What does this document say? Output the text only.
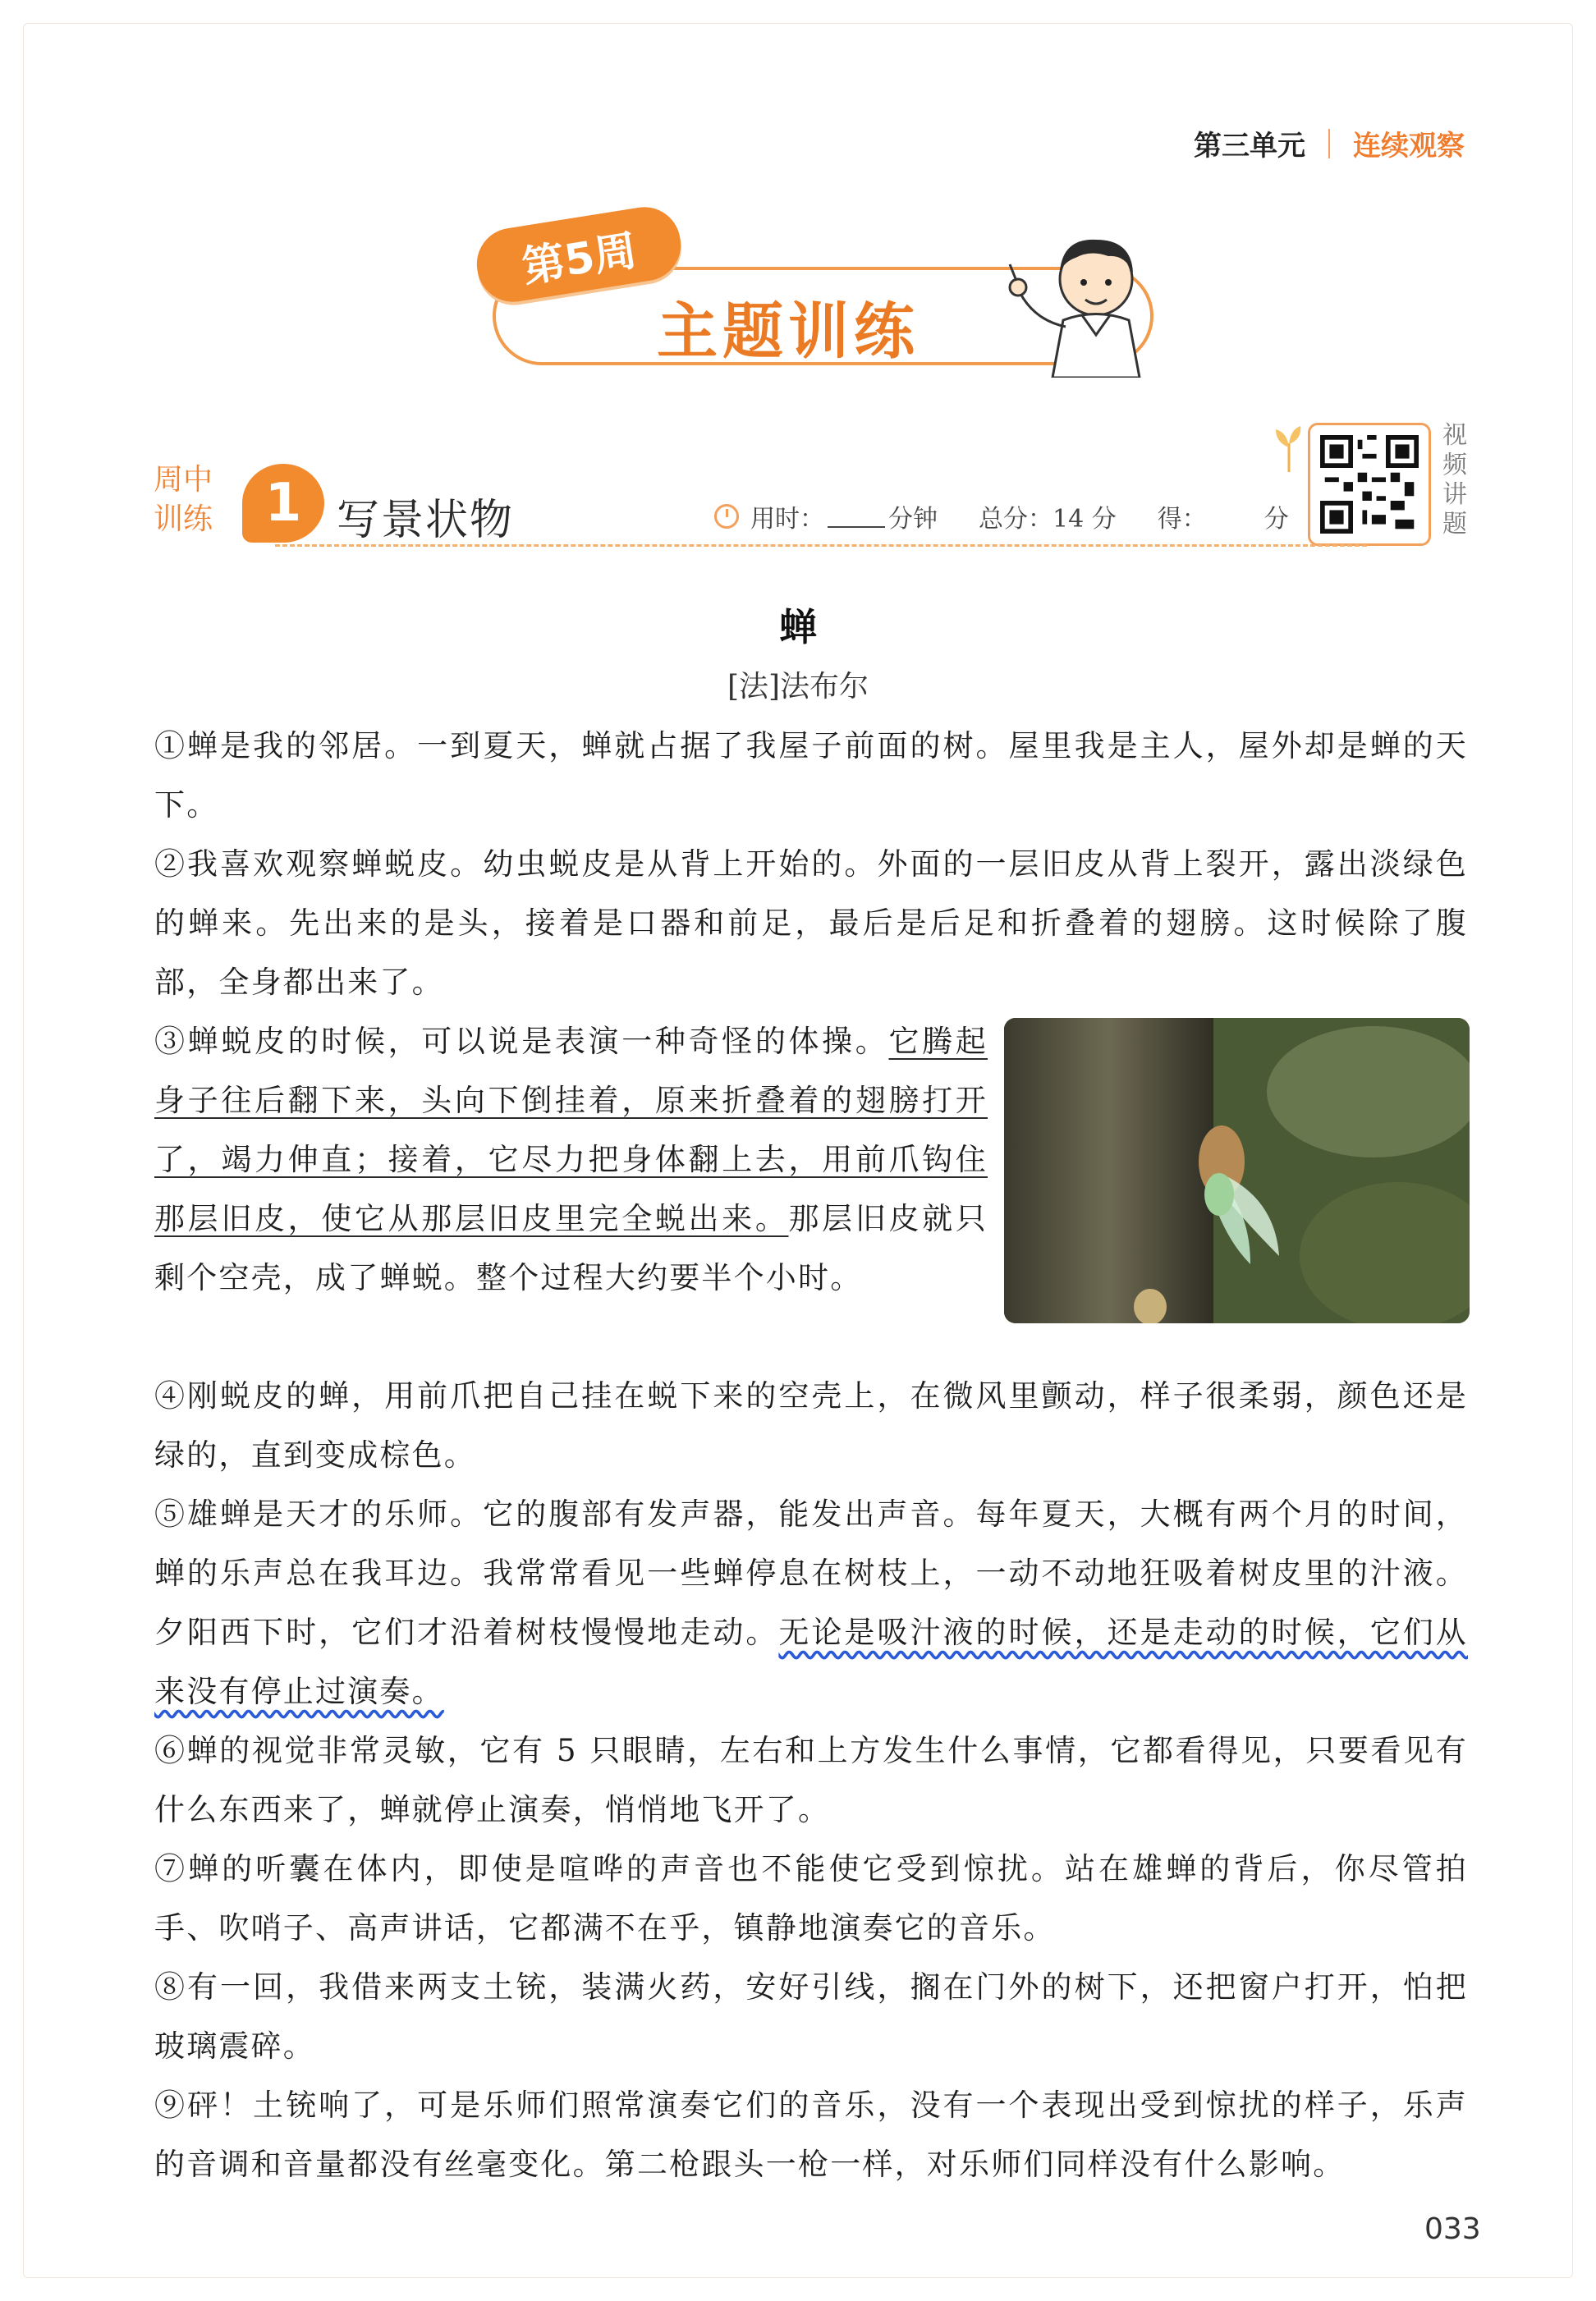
第三单元 连续观察
第5周
主题训练
周中训练 1 写景状物	用时：	分钟 总分：14 分 得： 分
视频讲题
蝉
[法]法布尔
①蝉是我的邻居。一到夏天，蝉就占据了我屋子前面的树。屋里我是主人，屋外却是蝉的天下。
②我喜欢观察蝉蜕皮。幼虫蜕皮是从背上开始的。外面的一层旧皮从背上裂开，露出淡绿色的蝉来。先出来的是头，接着是口器和前足，最后是后足和折叠着的翅膀。这时候除了腹部，全身都出来了。
③蝉蜕皮的时候，可以说是表演一种奇怪的体操。它腾起身子往后翻下来，头向下倒挂着，原来折叠着的翅膀打开了，竭力伸直；接着，它尽力把身体翻上去，用前爪钩住那层旧皮，使它从那层旧皮里完全蜕出来。那层旧皮就只剩个空壳，成了蝉蜕。整个过程大约要半个小时。
④刚蜕皮的蝉，用前爪把自己挂在蜕下来的空壳上，在微风里颤动，样子很柔弱，颜色还是绿的，直到变成棕色。
⑤雄蝉是天才的乐师。它的腹部有发声器，能发出声音。每年夏天，大概有两个月的时间，蝉的乐声总在我耳边。我常常看见一些蝉停息在树枝上，一动不动地狂吸着树皮里的汁液。夕阳西下时，它们才沿着树枝慢慢地走动。无论是吸汁液的时候，还是走动的时候，它们从来没有停止过演奏。
⑥蝉的视觉非常灵敏，它有 5 只眼睛，左右和上方发生什么事情，它都看得见，只要看见有什么东西来了，蝉就停止演奏，悄悄地飞开了。
⑦蝉的听囊在体内，即使是喧哗的声音也不能使它受到惊扰。站在雄蝉的背后，你尽管拍手、吹哨子、高声讲话，它都满不在乎，镇静地演奏它的音乐。
⑧有一回，我借来两支土铳，装满火药，安好引线，搁在门外的树下，还把窗户打开，怕把玻璃震碎。
⑨砰！土铳响了，可是乐师们照常演奏它们的音乐，没有一个表现出受到惊扰的样子，乐声的音调和音量都没有丝毫变化。第二枪跟头一枪一样，对乐师们同样没有什么影响。
033
